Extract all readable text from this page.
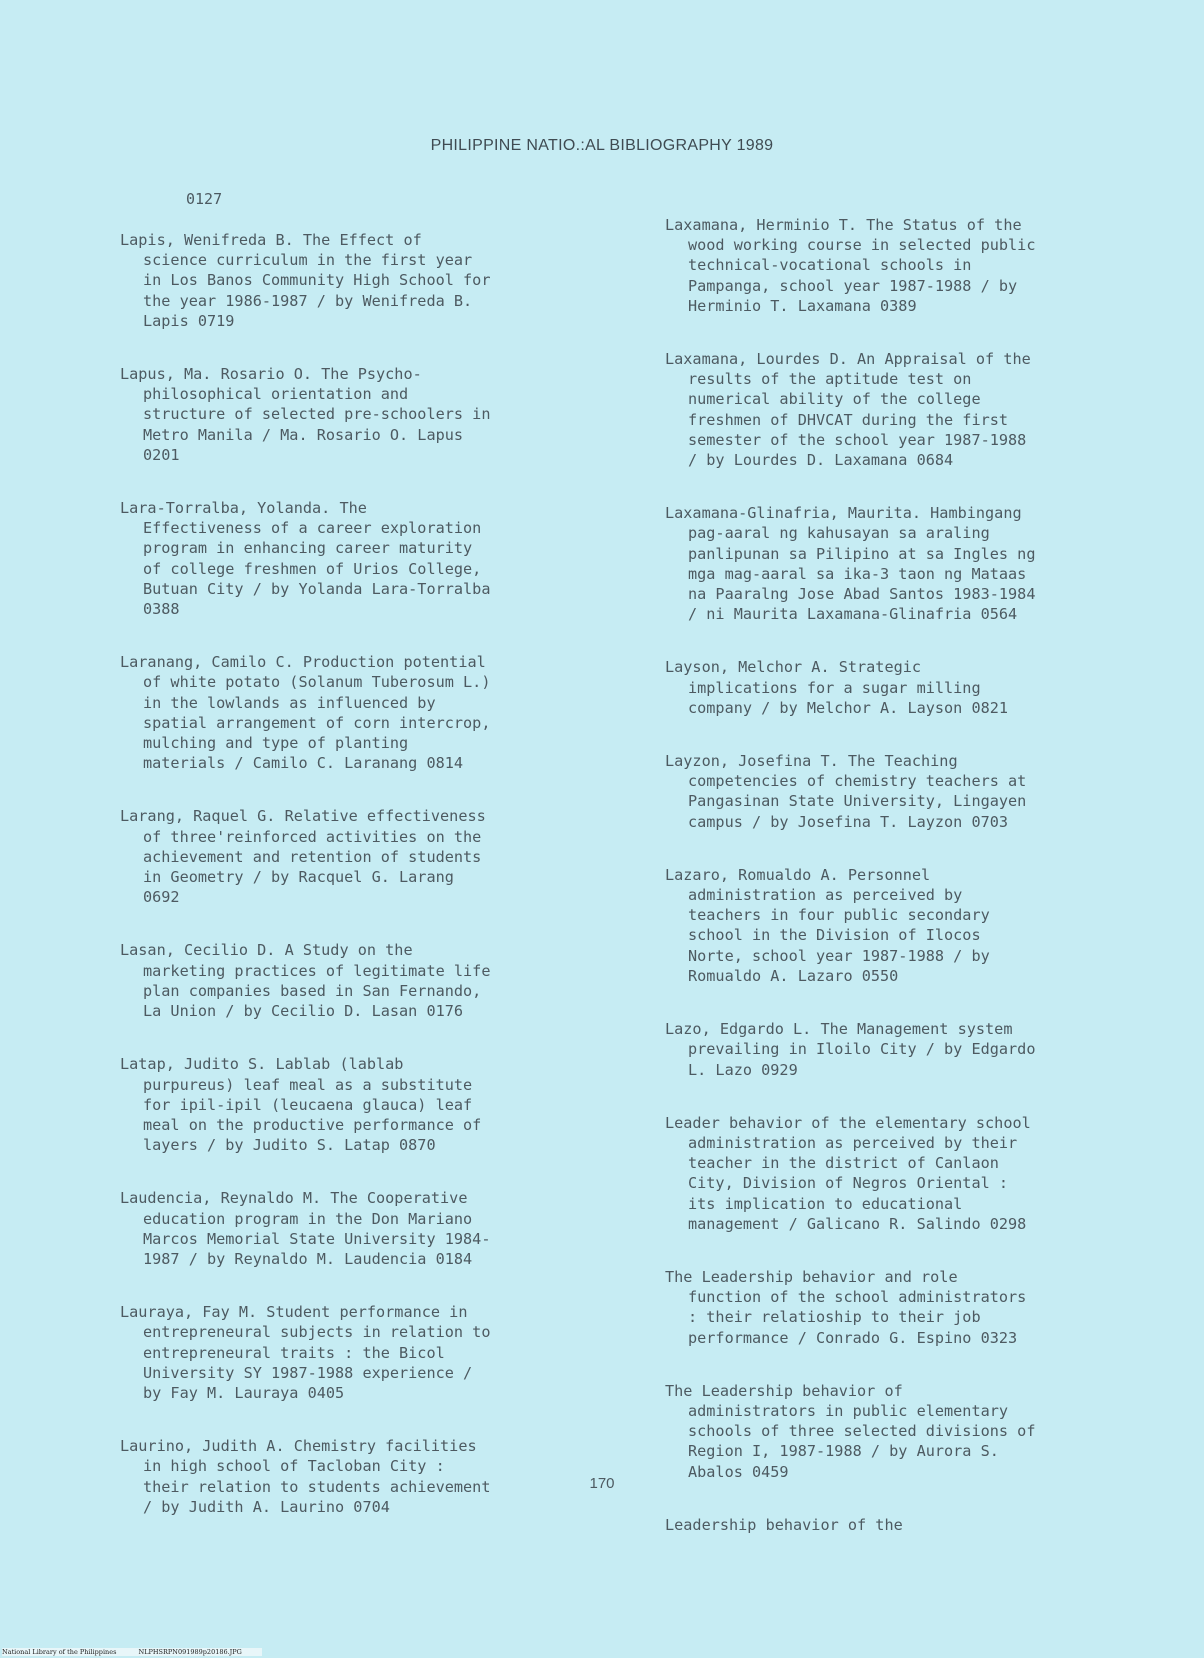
PHILIPPINE NATIO.:AL BIBLIOGRAPHY 1989
0127

Lapis, Wenifreda B. The Effect of
science curriculum in the first year
in Los Banos Community High School for
the year 1986-1987 / by Wenifreda B.
Lapis 0719

Lapus, Ma. Rosario O. The Psycho-
philosophical orientation and
structure of selected pre-schoolers in
Metro Manila / Ma. Rosario O. Lapus
0201

Lara-Torralba, Yolanda. The
Effectiveness of a career exploration
program in enhancing career maturity
of college freshmen of Urios College,
Butuan City / by Yolanda Lara-Torralba
0388

Laranang, Camilo C. Production potential
of white potato (Solanum Tuberosum L.)
in the lowlands as influenced by
spatial arrangement of corn intercrop,
mulching and type of planting
materials / Camilo C. Laranang 0814

Larang, Raquel G. Relative effectiveness
of three'reinforced activities on the
achievement and retention of students
in Geometry / by Racquel G. Larang
0692

Lasan, Cecilio D. A Study on the
marketing practices of legitimate life
plan companies based in San Fernando,
La Union / by Cecilio D. Lasan 0176

Latap, Judito S. Lablab (lablab
purpureus) leaf meal as a substitute
for ipil-ipil (leucaena glauca) leaf
meal on the productive performance of
layers / by Judito S. Latap 0870

Laudencia, Reynaldo M. The Cooperative
education program in the Don Mariano
Marcos Memorial State University 1984-
1987 / by Reynaldo M. Laudencia 0184

Lauraya, Fay M. Student performance in
entrepreneural subjects in relation to
entrepreneural traits : the Bicol
University SY 1987-1988 experience /
by Fay M. Lauraya 0405

Laurino, Judith A. Chemistry facilities
in high school of Tacloban City :
their relation to students achievement
/ by Judith A. Laurino 0704

Laxamana, Herminio T. The Status of the
wood working course in selected public
technical-vocational schools in
Pampanga, school year 1987-1988 / by
Herminio T. Laxamana 0389

Laxamana, Lourdes D. An Appraisal of the
results of the aptitude test on
numerical ability of the college
freshmen of DHVCAT during the first
semester of the school year 1987-1988
/ by Lourdes D. Laxamana 0684

Laxamana-Glinafria, Maurita. Hambingang
pag-aaral ng kahusayan sa araling
panlipunan sa Pilipino at sa Ingles ng
mga mag-aaral sa ika-3 taon ng Mataas
na Paaralng Jose Abad Santos 1983-1984
/ ni Maurita Laxamana-Glinafria 0564

Layson, Melchor A. Strategic
implications for a sugar milling
company / by Melchor A. Layson 0821

Layzon, Josefina T. The Teaching
competencies of chemistry teachers at
Pangasinan State University, Lingayen
campus / by Josefina T. Layzon 0703

Lazaro, Romualdo A. Personnel
administration as perceived by
teachers in four public secondary
school in the Division of Ilocos
Norte, school year 1987-1988 / by
Romualdo A. Lazaro 0550

Lazo, Edgardo L. The Management system
prevailing in Iloilo City / by Edgardo
L. Lazo 0929

Leader behavior of the elementary school
administration as perceived by their
teacher in the district of Canlaon
City, Division of Negros Oriental :
its implication to educational
management / Galicano R. Salindo 0298

The Leadership behavior and role
function of the school administrators
: their relatioship to their job
performance / Conrado G. Espino 0323

The Leadership behavior of
administrators in public elementary
schools of three selected divisions of
Region I, 1987-1988 / by Aurora S.
Abalos 0459

Leadership behavior of the

170
National Library of the Philippines	NLPHSRPN091989p20186.JPG
